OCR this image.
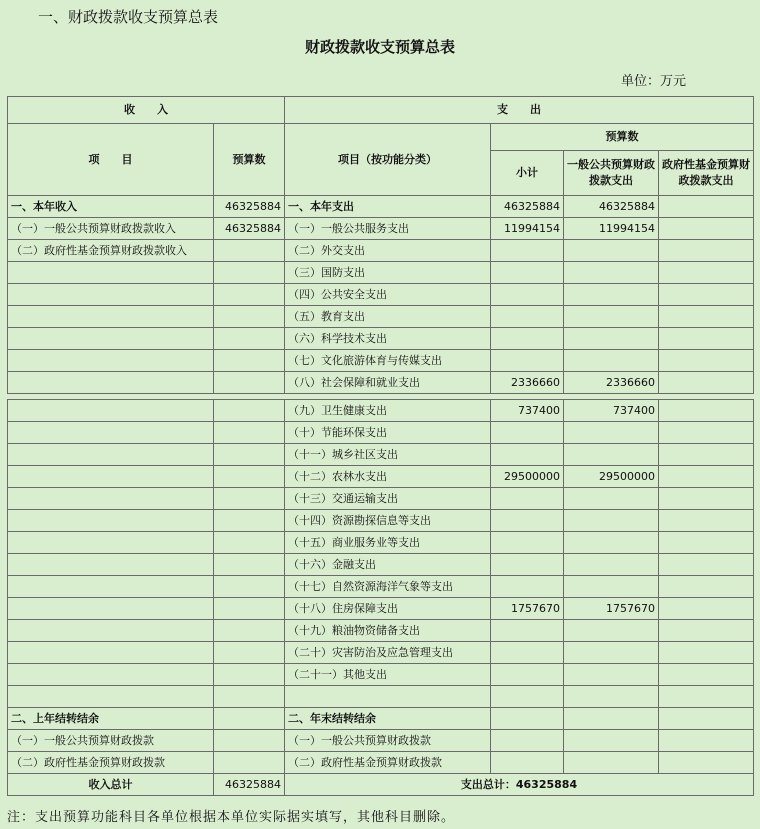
一、财政拨款收支预算总表
财政拨款收支预算总表
单位：万元
收　　入		支　　出			
项　　目	预算数	项目（按功能分类）	预算数		
			小计	一般公共预算财政拨款支出	政府性基金预算财政拨款支出
一、本年收入	46325884	一、本年支出	46325884	46325884	
（一）一般公共预算财政拨款收入	46325884	（一）一般公共服务支出	11994154	11994154	
（二）政府性基金预算财政拨款收入		（二）外交支出			
		（三）国防支出			
		（四）公共安全支出			
		（五）教育支出			
		（六）科学技术支出			
		（七）文化旅游体育与传媒支出			
		（八）社会保障和就业支出	2336660	2336660	

		（九）卫生健康支出	737400	737400	
		（十）节能环保支出			
		（十一）城乡社区支出			
		（十二）农林水支出	29500000	29500000	
		（十三）交通运输支出			
		（十四）资源勘探信息等支出			
		（十五）商业服务业等支出			
		（十六）金融支出			
		（十七）自然资源海洋气象等支出			
		（十八）住房保障支出	1757670	1757670	
		（十九）粮油物资储备支出			
		（二十）灾害防治及应急管理支出			
		（二十一）其他支出			

二、上年结转结余		二、年末结转结余			
（一）一般公共预算财政拨款		（一）一般公共预算财政拨款			
（二）政府性基金预算财政拨款		（二）政府性基金预算财政拨款			
收入总计	46325884	支出总计：46325884			
注：支出预算功能科目各单位根据本单位实际据实填写，其他科目删除。
